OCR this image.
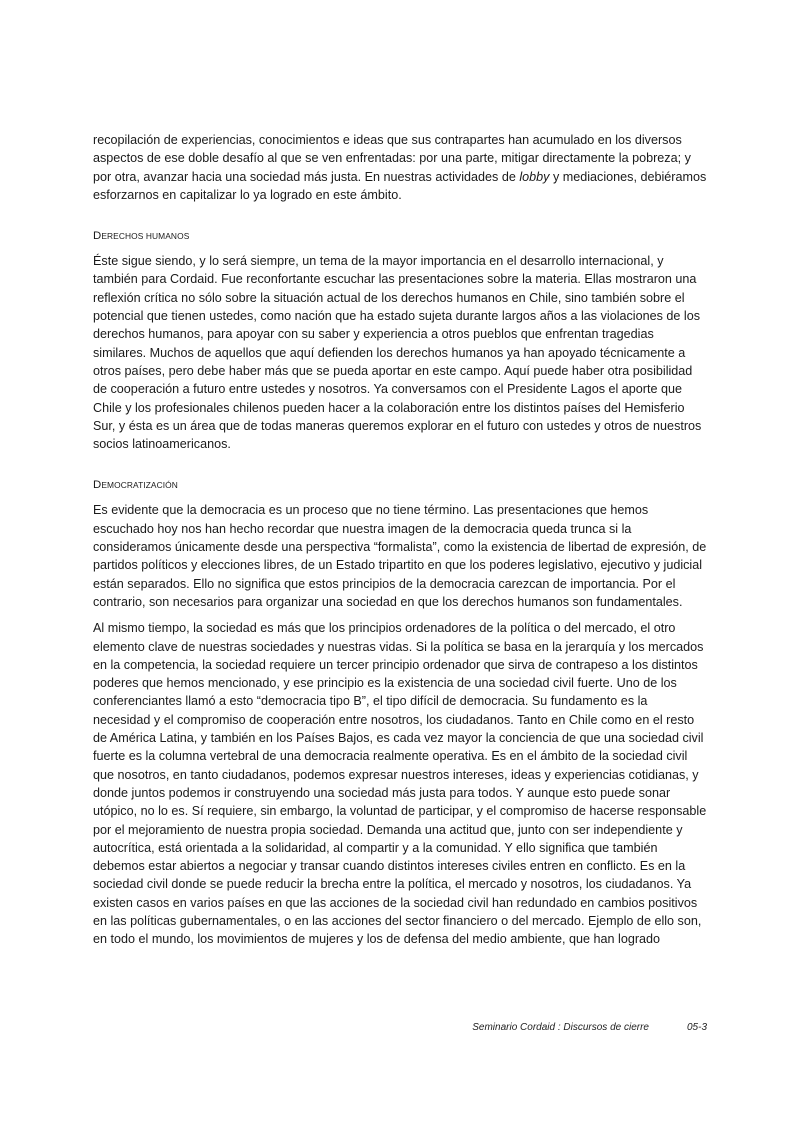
recopilación de experiencias, conocimientos e ideas que sus contrapartes han acumulado en los diversos aspectos de ese doble desafío al que se ven enfrentadas: por una parte, mitigar directamente la pobreza; y por otra, avanzar hacia una sociedad más justa. En nuestras actividades de lobby y mediaciones, debiéramos esforzarnos en capitalizar lo ya logrado en este ámbito.

DERECHOS HUMANOS

Éste sigue siendo, y lo será siempre, un tema de la mayor importancia en el desarrollo internacional, y también para Cordaid. Fue reconfortante escuchar las presentaciones sobre la materia. Ellas mostraron una reflexión crítica no sólo sobre la situación actual de los derechos humanos en Chile, sino también sobre el potencial que tienen ustedes, como nación que ha estado sujeta durante largos años a las violaciones de los derechos humanos, para apoyar con su saber y experiencia a otros pueblos que enfrentan tragedias similares. Muchos de aquellos que aquí defienden los derechos humanos ya han apoyado técnicamente a otros países, pero debe haber más que se pueda aportar en este campo. Aquí puede haber otra posibilidad de cooperación a futuro entre ustedes y nosotros. Ya conversamos con el Presidente Lagos el aporte que Chile y los profesionales chilenos pueden hacer a la colaboración entre los distintos países del Hemisferio Sur, y ésta es un área que de todas maneras queremos explorar en el futuro con ustedes y otros de nuestros socios latinoamericanos.

DEMOCRATIZACIÓN

Es evidente que la democracia es un proceso que no tiene término. Las presentaciones que hemos escuchado hoy nos han hecho recordar que nuestra imagen de la democracia queda trunca si la consideramos únicamente desde una perspectiva “formalista”, como la existencia de libertad de expresión, de partidos políticos y elecciones libres, de un Estado tripartito en que los poderes legislativo, ejecutivo y judicial están separados. Ello no significa que estos principios de la democracia carezcan de importancia. Por el contrario, son necesarios para organizar una sociedad en que los derechos humanos son fundamentales.

Al mismo tiempo, la sociedad es más que los principios ordenadores de la política o del mercado, el otro elemento clave de nuestras sociedades y nuestras vidas. Si la política se basa en la jerarquía y los mercados en la competencia, la sociedad requiere un tercer principio ordenador que sirva de contrapeso a los distintos poderes que hemos mencionado, y ese principio es la existencia de una sociedad civil fuerte. Uno de los conferenciantes llamó a esto “democracia tipo B”, el tipo difícil de democracia. Su fundamento es la necesidad y el compromiso de cooperación entre nosotros, los ciudadanos. Tanto en Chile como en el resto de América Latina, y también en los Países Bajos, es cada vez mayor la conciencia de que una sociedad civil fuerte es la columna vertebral de una democracia realmente operativa. Es en el ámbito de la sociedad civil que nosotros, en tanto ciudadanos, podemos expresar nuestros intereses, ideas y experiencias cotidianas, y donde juntos podemos ir construyendo una sociedad más justa para todos. Y aunque esto puede sonar utópico, no lo es. Sí requiere, sin embargo, la voluntad de participar, y el compromiso de hacerse responsable por el mejoramiento de nuestra propia sociedad. Demanda una actitud que, junto con ser independiente y autocrítica, está orientada a la solidaridad, al compartir y a la comunidad. Y ello significa que también debemos estar abiertos a negociar y transar cuando distintos intereses civiles entren en conflicto. Es en la sociedad civil donde se puede reducir la brecha entre la política, el mercado y nosotros, los ciudadanos. Ya existen casos en varios países en que las acciones de la sociedad civil han redundado en cambios positivos en las políticas gubernamentales, o en las acciones del sector financiero o del mercado. Ejemplo de ello son, en todo el mundo, los movimientos de mujeres y los de defensa del medio ambiente, que han logrado

Seminario Cordaid : Discursos de cierre	05-3
